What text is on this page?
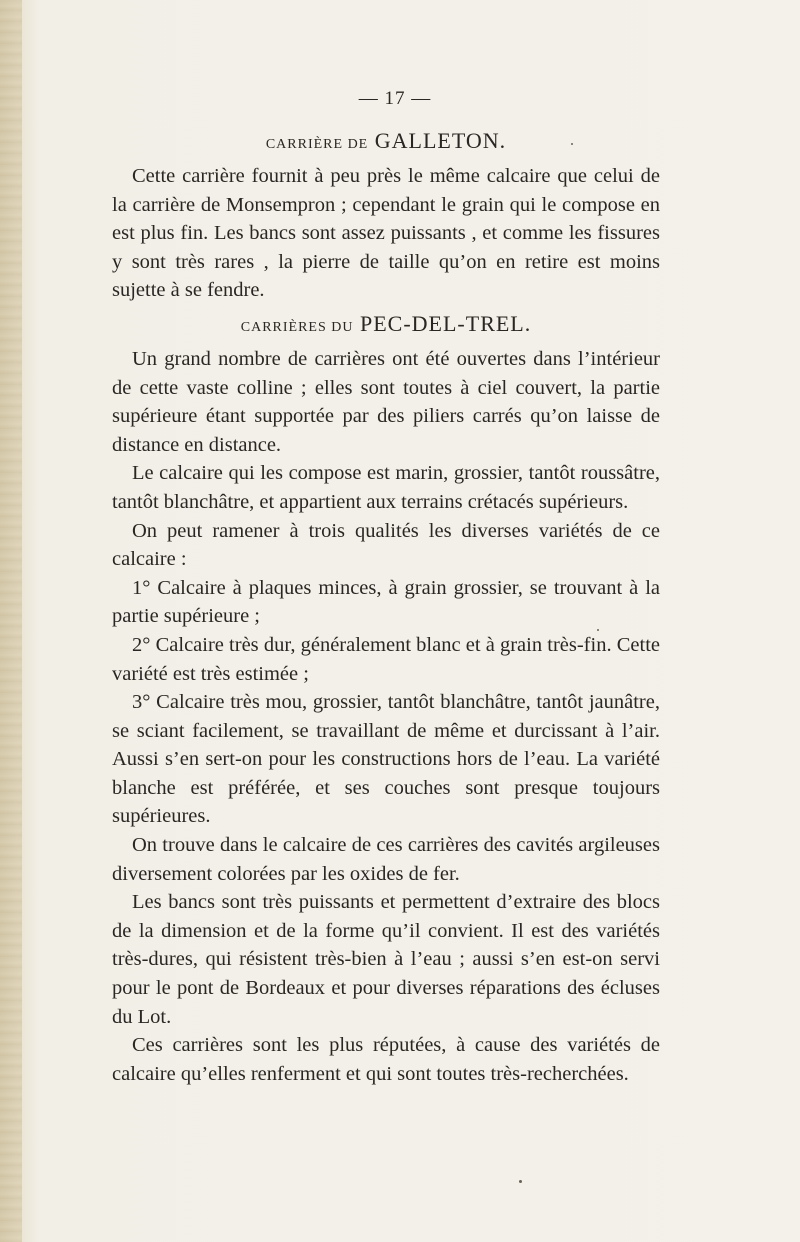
— 17 —
CARRIÈRE DE GALLETON.

Cette carrière fournit à peu près le même calcaire que celui de la carrière de Monsempron ; cependant le grain qui le compose en est plus fin. Les bancs sont assez puissants , et comme les fissures y sont très rares , la pierre de taille qu’on en retire est moins sujette à se fendre.

CARRIÈRES DU PEC-DEL-TREL.

Un grand nombre de carrières ont été ouvertes dans l’intérieur de cette vaste colline ; elles sont toutes à ciel couvert, la partie supérieure étant supportée par des piliers carrés qu’on laisse de distance en distance.

Le calcaire qui les compose est marin, grossier, tantôt roussâtre, tantôt blanchâtre, et appartient aux terrains crétacés supérieurs.

On peut ramener à trois qualités les diverses variétés de ce calcaire :

1° Calcaire à plaques minces, à grain grossier, se trouvant à la partie supérieure ;

2° Calcaire très dur, généralement blanc et à grain très-fin. Cette variété est très estimée ;

3° Calcaire très mou, grossier, tantôt blanchâtre, tantôt jaunâtre, se sciant facilement, se travaillant de même et durcissant à l’air. Aussi s’en sert-on pour les constructions hors de l’eau. La variété blanche est préférée, et ses couches sont presque toujours supérieures.

On trouve dans le calcaire de ces carrières des cavités argileuses diversement colorées par les oxides de fer.

Les bancs sont très puissants et permettent d’extraire des blocs de la dimension et de la forme qu’il convient. Il est des variétés très-dures, qui résistent très-bien à l’eau ; aussi s’en est-on servi pour le pont de Bordeaux et pour diverses réparations des écluses du Lot.

Ces carrières sont les plus réputées, à cause des variétés de calcaire qu’elles renferment et qui sont toutes très-recherchées.
